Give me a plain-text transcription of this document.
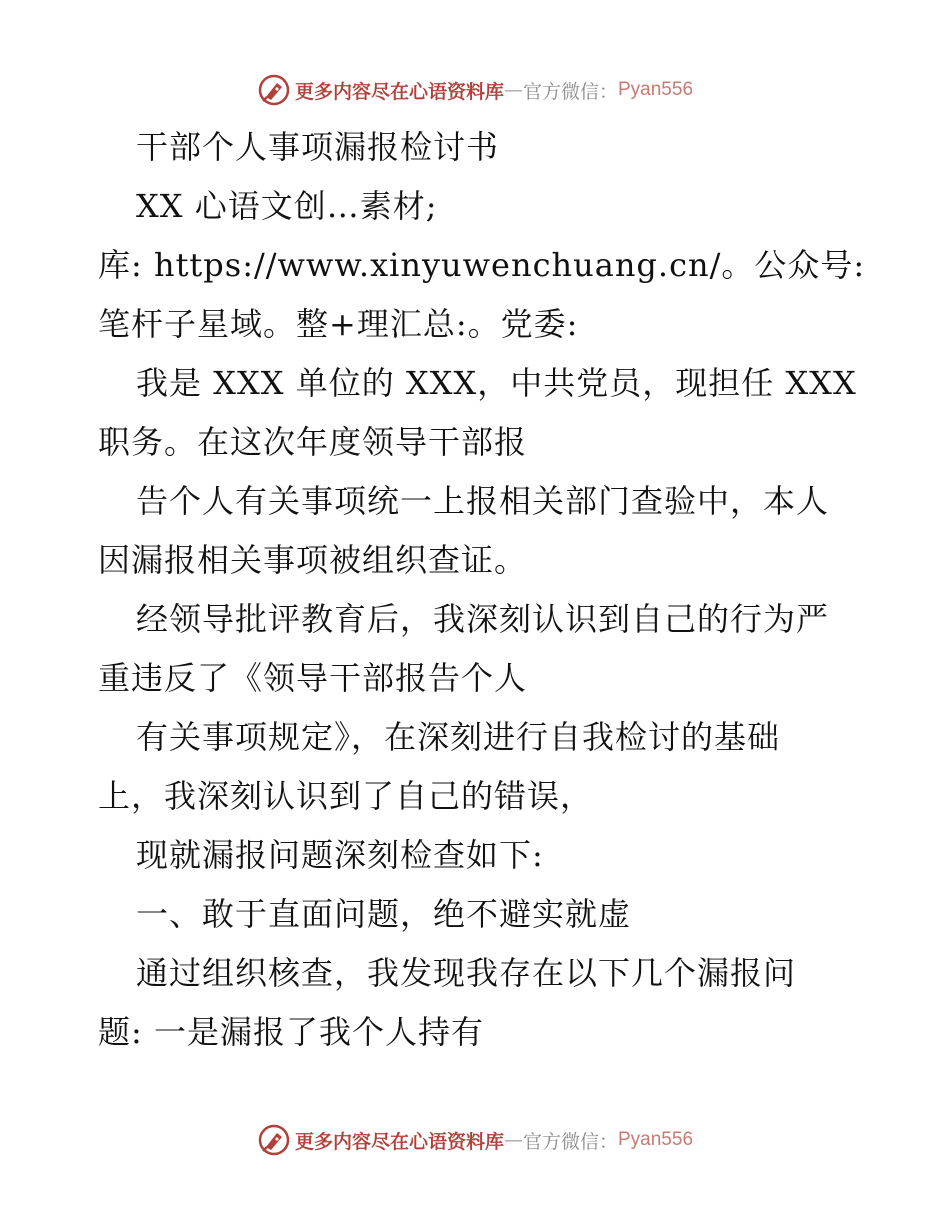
更多内容尽在心语资料库 — 官方微信： Pyan556
干部个人事项漏报检讨书
XX 心语文创…素材;
库: https://www.xinyuwenchuang.cn/。公众号:
笔杆子星域。整+理汇总:。党委:
我是 XXX 单位的 XXX，中共党员，现担任 XXX
职务。在这次年度领导干部报
告个人有关事项统一上报相关部门查验中，本人
因漏报相关事项被组织查证。
经领导批评教育后，我深刻认识到自己的行为严
重违反了《领导干部报告个人
有关事项规定》，在深刻进行自我检讨的基础
上，我深刻认识到了自己的错误，
现就漏报问题深刻检查如下:
一、敢于直面问题，绝不避实就虚
通过组织核查，我发现我存在以下几个漏报问
题: 一是漏报了我个人持有
更多内容尽在心语资料库 — 官方微信： Pyan556
